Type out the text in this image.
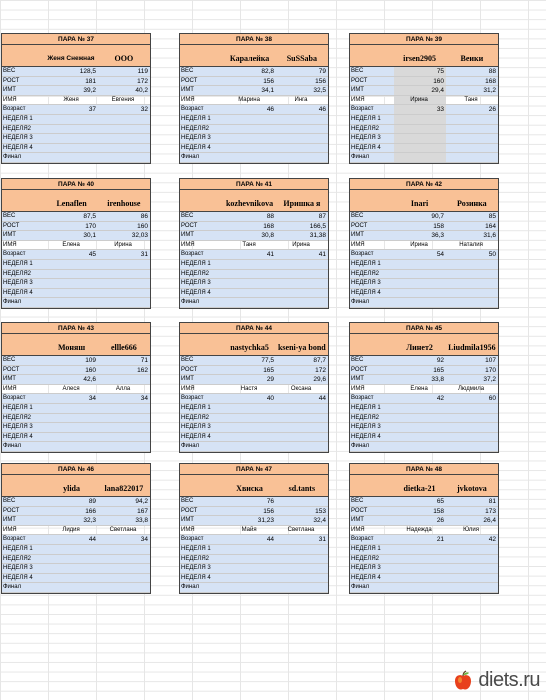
ПАРА № 37
Женя Снежная	ООО
ВЕС	128,5	119
РОСТ	181	172
ИМТ	39,2	40,2
ИМЯ	Женя	Евгения
Возраст	37	32
НЕДЕЛЯ 1
НЕДЕЛЯ2
НЕДЕЛЯ 3
НЕДЕЛЯ 4
Финал
ПАРА № 38
Каралейка	SuSSaba
ВЕС	82,8	79
РОСТ	156	156
ИМТ	34,1	32,5
ИМЯ	Марина	Инга
Возраст	46	46
НЕДЕЛЯ 1
НЕДЕЛЯ2
НЕДЕЛЯ 3
НЕДЕЛЯ 4
Финал
ПАРА № 39
irsen2905	Веики
ВЕС	75	88
РОСТ	160	168
ИМТ	29,4	31,2
ИМЯ	Ирина	Таня
Возраст	33	26
НЕДЕЛЯ 1
НЕДЕЛЯ2
НЕДЕЛЯ 3
НЕДЕЛЯ 4
Финал
ПАРА № 40
Lenaflen	irenhouse
ВЕС	87,5	86
РОСТ	170	160
ИМТ	30,1	32,03
ИМЯ	Елена	Ирина
Возраст	45	31
НЕДЕЛЯ 1
НЕДЕЛЯ2
НЕДЕЛЯ 3
НЕДЕЛЯ 4
Финал
ПАРА № 41
kozhevnikova	Иришка я
ВЕС	88	87
РОСТ	168	166,5
ИМТ	30,8	31,38
ИМЯ	Таня	Ирина
Возраст	41	41
НЕДЕЛЯ 1
НЕДЕЛЯ2
НЕДЕЛЯ 3
НЕДЕЛЯ 4
Финал
ПАРА № 42
Inari	Розинка
ВЕС	90,7	85
РОСТ	158	164
ИМТ	36,3	31,6
ИМЯ	Ирина	Наталия
Возраст	54	50
НЕДЕЛЯ 1
НЕДЕЛЯ2
НЕДЕЛЯ 3
НЕДЕЛЯ 4
Финал
ПАРА № 43
Моняш	ellle666
ВЕС	109	71
РОСТ	160	162
ИМТ	42,6
ИМЯ	Алеся	Алла
Возраст	34	34
НЕДЕЛЯ 1
НЕДЕЛЯ2
НЕДЕЛЯ 3
НЕДЕЛЯ 4
Финал
ПАРА № 44
nastychka5	kseni-ya bond
ВЕС	77,5	87,7
РОСТ	165	172
ИМТ	29	29,6
ИМЯ	Настя	Оксана
Возраст	40	44
НЕДЕЛЯ 1
НЕДЕЛЯ2
НЕДЕЛЯ 3
НЕДЕЛЯ 4
Финал
ПАРА № 45
Линет2	Liudmila1956
ВЕС	92	107
РОСТ	165	170
ИМТ	33,8	37,2
ИМЯ	Елена	Людмила
Возраст	42	60
НЕДЕЛЯ 1
НЕДЕЛЯ2
НЕДЕЛЯ 3
НЕДЕЛЯ 4
Финал
ПАРА № 46
ylida	lana822017
ВЕС	89	94,2
РОСТ	166	167
ИМТ	32,3	33,8
ИМЯ	Лидия	Светлана
Возраст	44	34
НЕДЕЛЯ 1
НЕДЕЛЯ2
НЕДЕЛЯ 3
НЕДЕЛЯ 4
Финал
ПАРА № 47
Хвиска	sd.tants
ВЕС	76
РОСТ	156	153
ИМТ	31,23	32,4
ИМЯ	Майя	Светлана
Возраст	44	31
НЕДЕЛЯ 1
НЕДЕЛЯ2
НЕДЕЛЯ 3
НЕДЕЛЯ 4
Финал
ПАРА № 48
dietka-21	jvkotova
ВЕС	65	81
РОСТ	158	173
ИМТ	26	26,4
ИМЯ	Надежда	Юлия
Возраст	21	42
НЕДЕЛЯ 1
НЕДЕЛЯ2
НЕДЕЛЯ 3
НЕДЕЛЯ 4
Финал
diets.ru
